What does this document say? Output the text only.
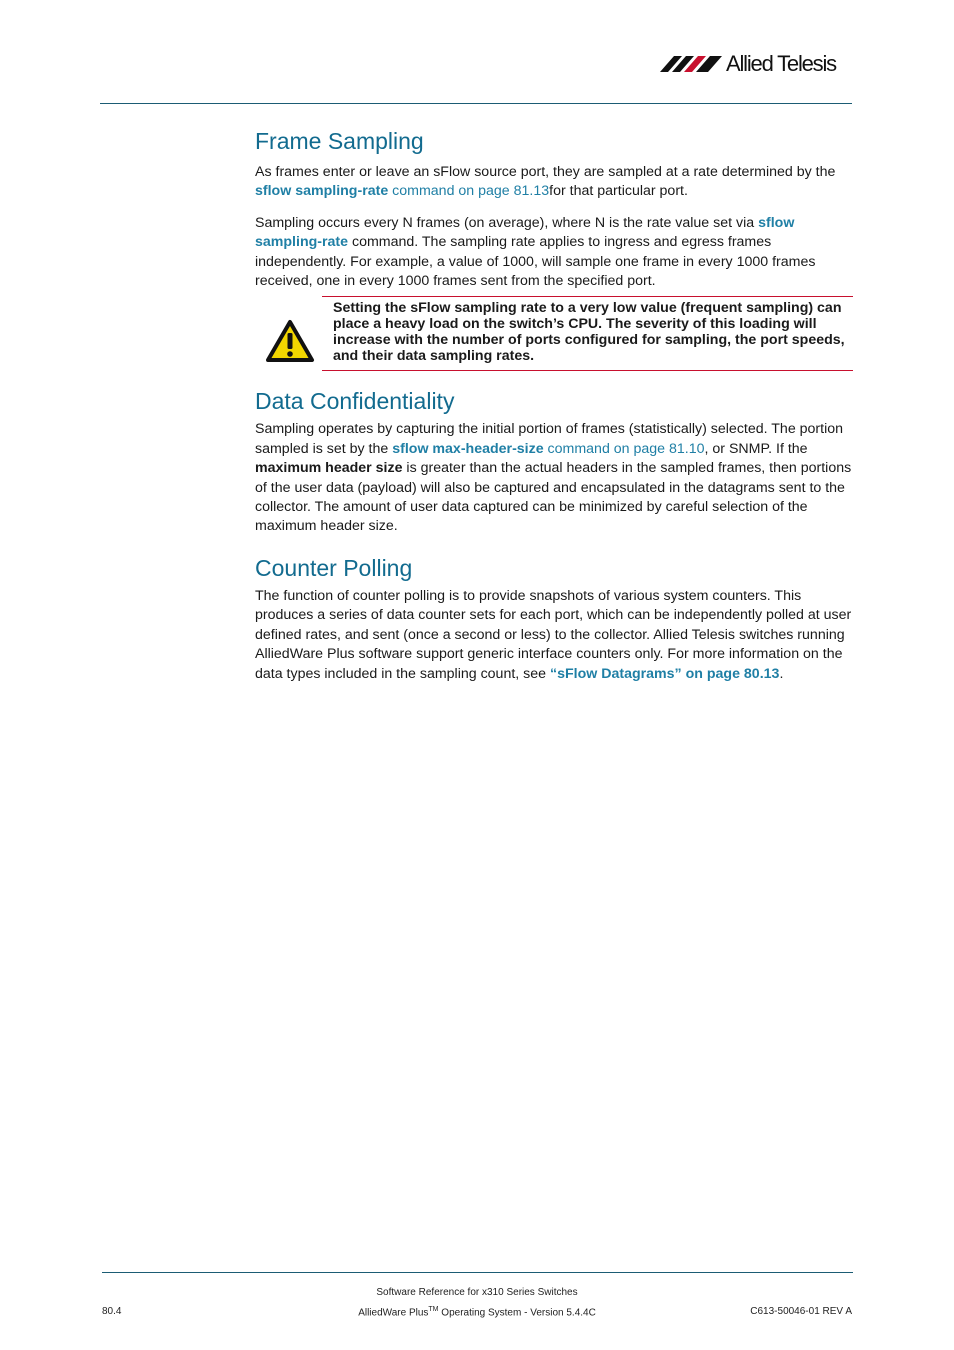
Allied Telesis
Frame Sampling

As frames enter or leave an sFlow source port, they are sampled at a rate determined by the sflow sampling-rate command on page 81.13for that particular port.

Sampling occurs every N frames (on average), where N is the rate value set via sflow sampling-rate command. The sampling rate applies to ingress and egress frames independently. For example, a value of 1000, will sample one frame in every 1000 frames received, one in every 1000 frames sent from the specified port.

Setting the sFlow sampling rate to a very low value (frequent sampling) can place a heavy load on the switch’s CPU. The severity of this loading will increase with the number of ports configured for sampling, the port speeds, and their data sampling rates.
Data Confidentiality

Sampling operates by capturing the initial portion of frames (statistically) selected. The portion sampled is set by the sflow max-header-size command on page 81.10, or SNMP. If the maximum header size is greater than the actual headers in the sampled frames, then portions of the user data (payload) will also be captured and encapsulated in the datagrams sent to the collector. The amount of user data captured can be minimized by careful selection of the maximum header size.

Counter Polling

The function of counter polling is to provide snapshots of various system counters. This produces a series of data counter sets for each port, which can be independently polled at user defined rates, and sent (once a second or less) to the collector. Allied Telesis switches running AlliedWare Plus software support generic interface counters only. For more information on the data types included in the sampling count, see “sFlow Datagrams” on page 80.13.

Software Reference for x310 Series Switches
80.4	AlliedWare Plus™ Operating System - Version 5.4.4C	C613-50046-01 REV A
